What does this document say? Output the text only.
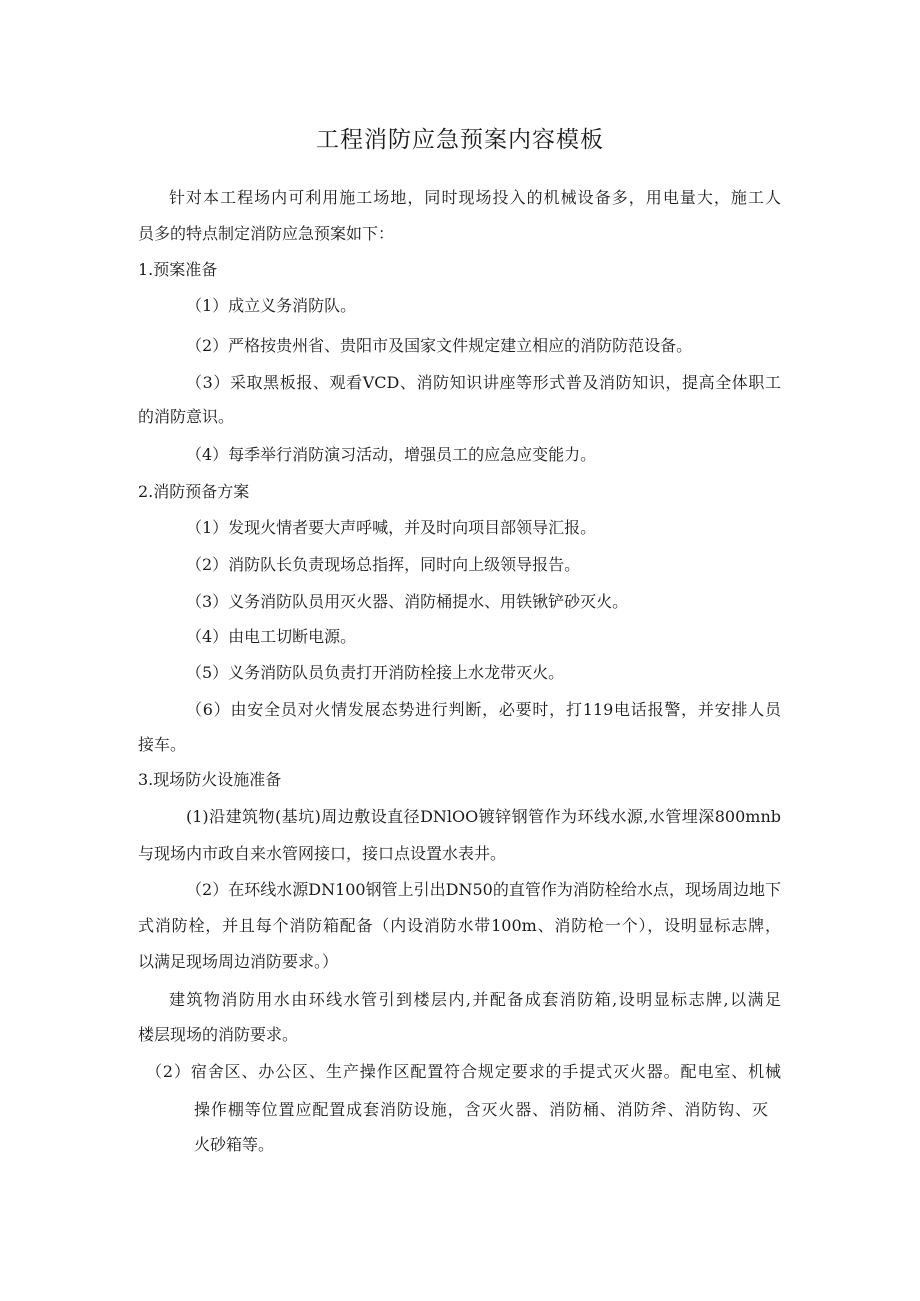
工程消防应急预案内容模板
针对本工程场内可利用施工场地，同时现场投入的机械设备多，用电量大，施工人
员多的特点制定消防应急预案如下：
1.预案准备
（1）成立义务消防队。
（2）严格按贵州省、贵阳市及国家文件规定建立相应的消防防范设备。
（3）采取黑板报、观看VCD、消防知识讲座等形式普及消防知识，提高全体职工
的消防意识。
（4）每季举行消防演习活动，增强员工的应急应变能力。
2.消防预备方案
（1）发现火情者要大声呼喊，并及时向项目部领导汇报。
（2）消防队长负责现场总指挥，同时向上级领导报告。
（3）义务消防队员用灭火器、消防桶提水、用铁锹铲砂灭火。
（4）由电工切断电源。
（5）义务消防队员负责打开消防栓接上水龙带灭火。
（6）由安全员对火情发展态势进行判断，必要时，打119电话报警，并安排人员
接车。
3.现场防火设施准备
(1)沿建筑物(基坑)周边敷设直径DNlOO镀锌钢管作为环线水源,水管埋深800mnb
与现场内市政自来水管网接口，接口点设置水表井。
（2）在环线水源DN100钢管上引出DN50的直管作为消防栓给水点，现场周边地下
式消防栓，并且每个消防箱配备（内设消防水带100m、消防枪一个），设明显标志牌，
以满足现场周边消防要求。）
建筑物消防用水由环线水管引到楼层内,并配备成套消防箱,设明显标志牌,以满足
楼层现场的消防要求。
（2）宿舍区、办公区、生产操作区配置符合规定要求的手提式灭火器。配电室、机械
操作棚等位置应配置成套消防设施，含灭火器、消防桶、消防斧、消防钩、灭
火砂箱等。
